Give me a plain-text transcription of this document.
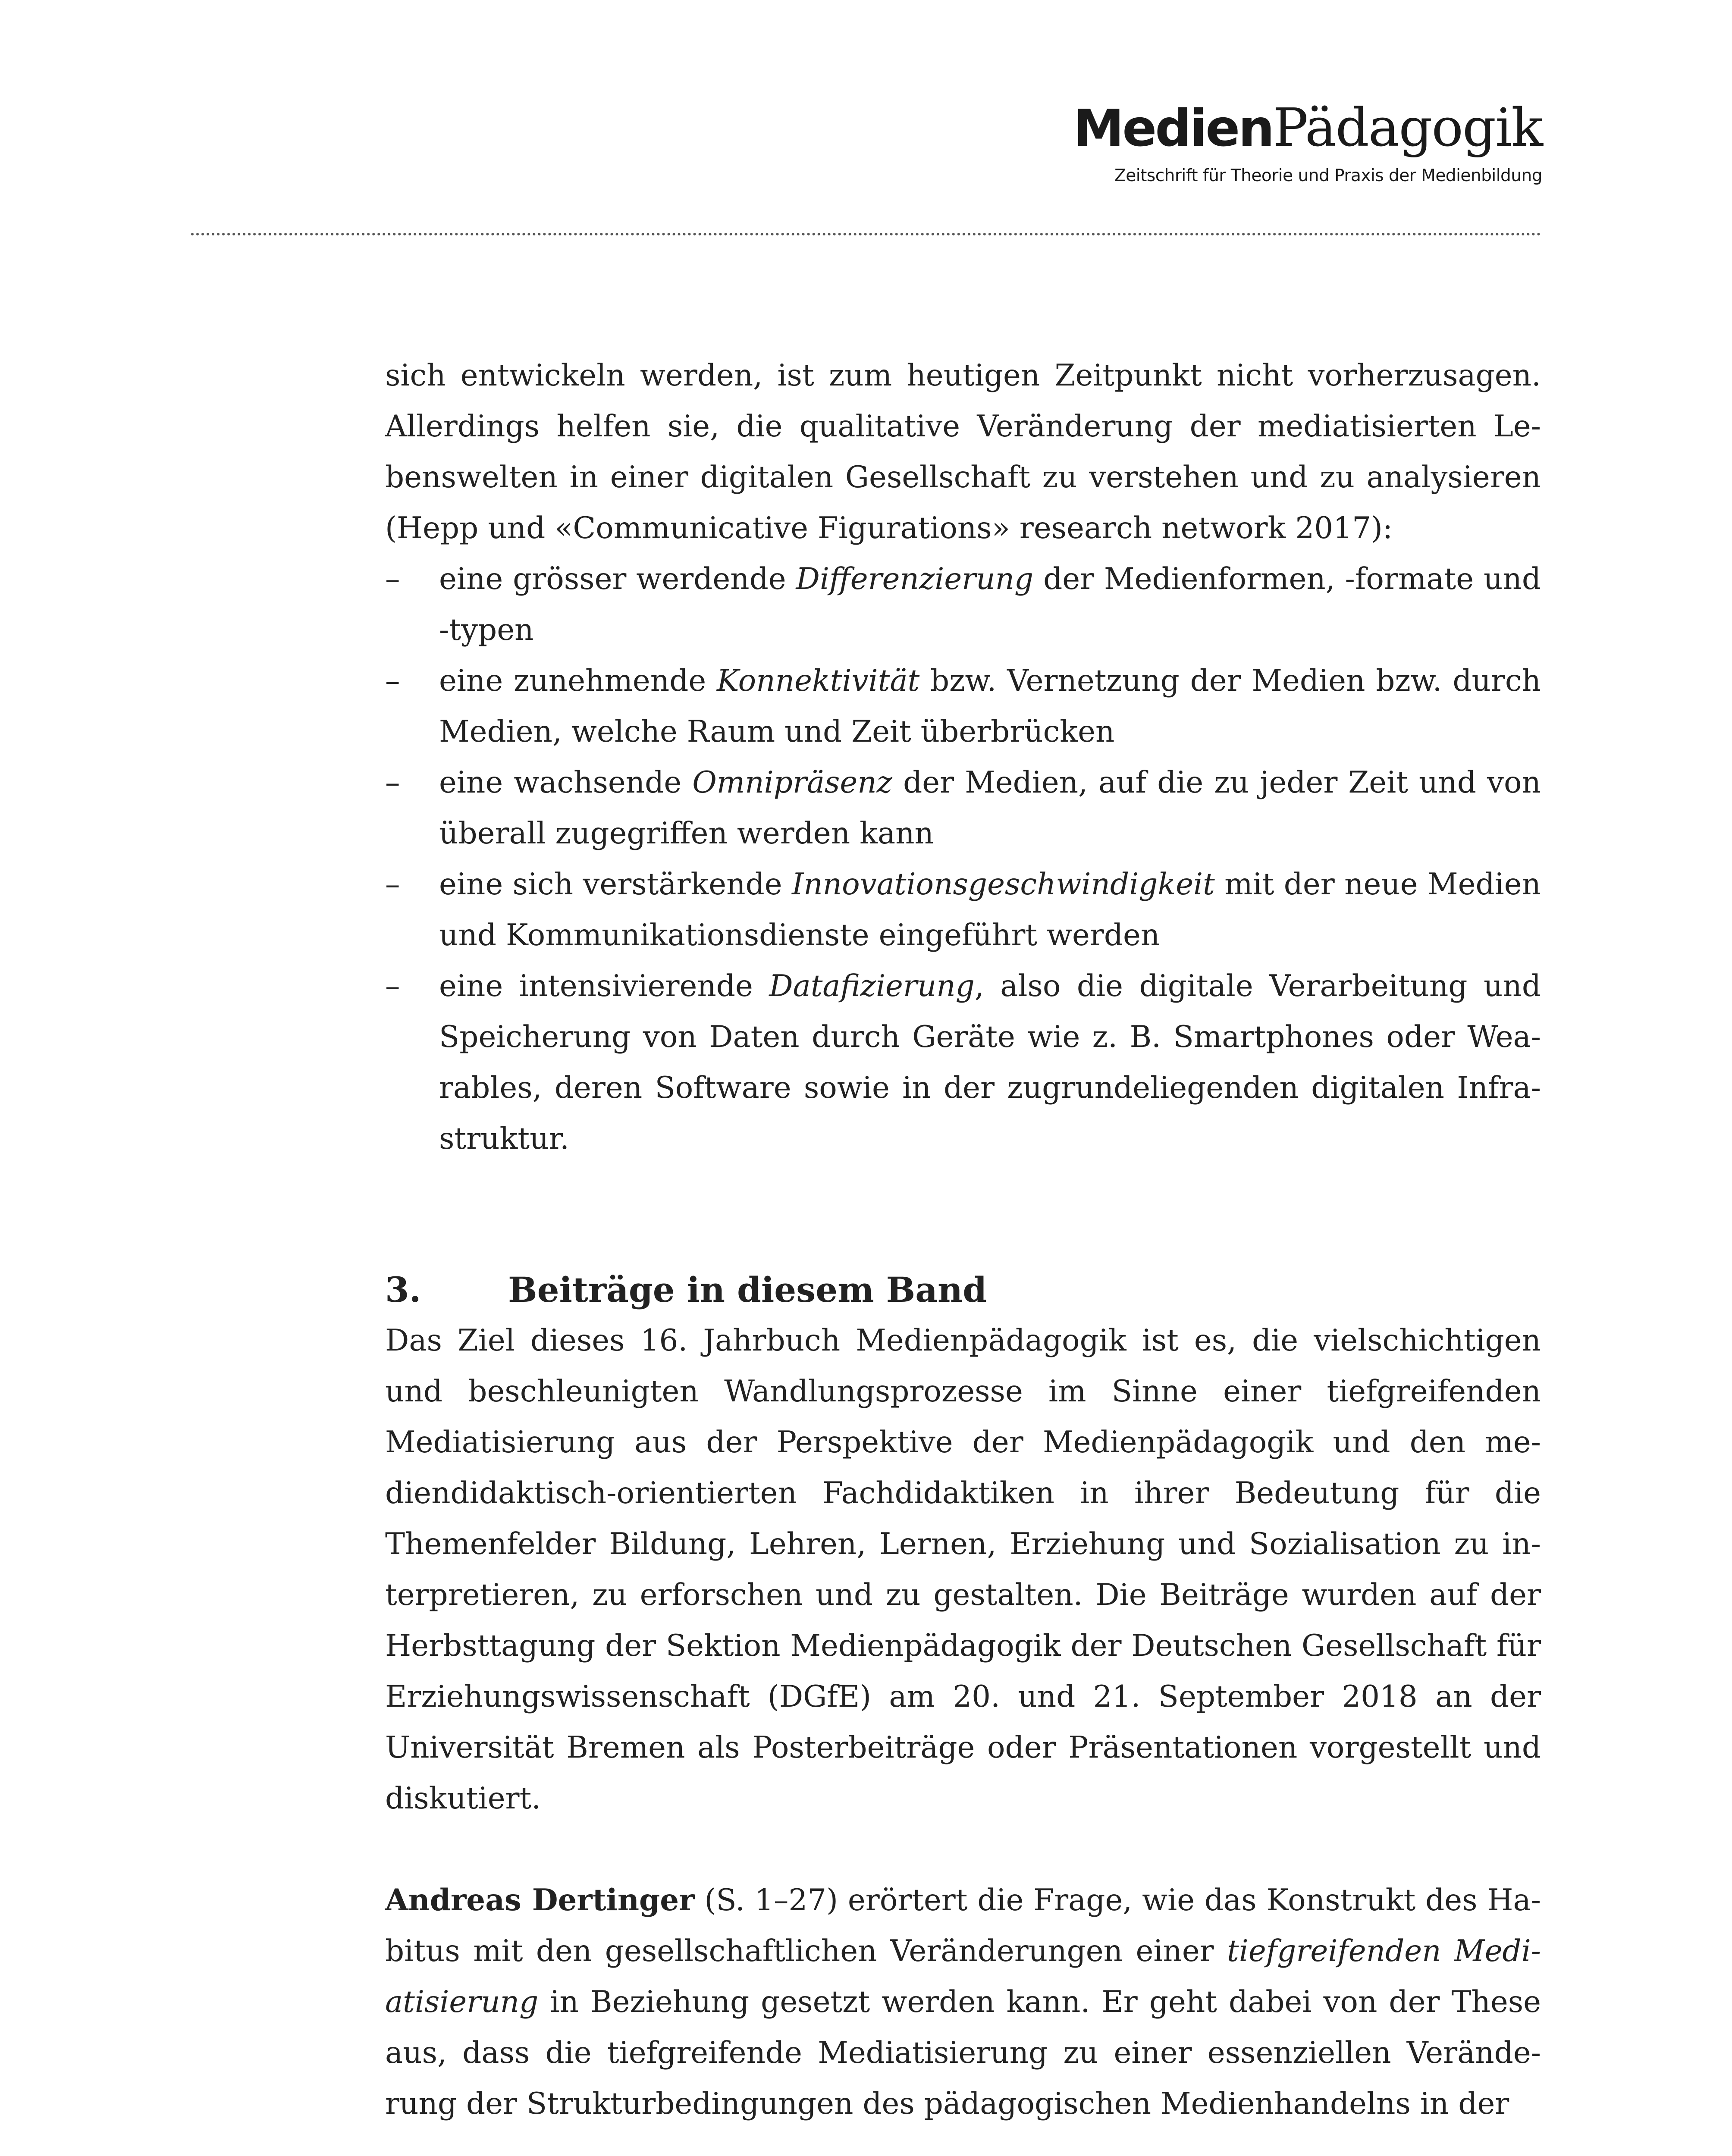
MedienPädagogik
Zeitschrift für Theorie und Praxis der Medienbildung

sich entwickeln werden, ist zum heutigen Zeitpunkt nicht vorherzusagen. Allerdings helfen sie, die qualitative Veränderung der mediatisierten Lebenswelten in einer digitalen Gesellschaft zu verstehen und zu analysieren (Hepp und «Communicative Figurations» research network 2017):

– eine grösser werdende Differenzierung der Medienformen, -formate und -typen
– eine zunehmende Konnektivität bzw. Vernetzung der Medien bzw. durch Medien, welche Raum und Zeit überbrücken
– eine wachsende Omnipräsenz der Medien, auf die zu jeder Zeit und von überall zugegriffen werden kann
– eine sich verstärkende Innovationsgeschwindigkeit mit der neue Medien und Kommunikationsdienste eingeführt werden
– eine intensivierende Datafizierung, also die digitale Verarbeitung und Speicherung von Daten durch Geräte wie z. B. Smartphones oder Wearables, deren Software sowie in der zugrundeliegenden digitalen Infrastruktur.
3.	Beiträge in diesem Band

Das Ziel dieses 16. Jahrbuch Medienpädagogik ist es, die vielschichtigen und beschleunigten Wandlungsprozesse im Sinne einer tiefgreifenden Mediatisierung aus der Perspektive der Medienpädagogik und den mediendidaktisch-orientierten Fachdidaktiken in ihrer Bedeutung für die Themenfelder Bildung, Lehren, Lernen, Erziehung und Sozialisation zu interpretieren, zu erforschen und zu gestalten. Die Beiträge wurden auf der Herbsttagung der Sektion Medienpädagogik der Deutschen Gesellschaft für Erziehungswissenschaft (DGfE) am 20. und 21. September 2018 an der Universität Bremen als Posterbeiträge oder Präsentationen vorgestellt und diskutiert.

Andreas Dertinger (S. 1–27) erörtert die Frage, wie das Konstrukt des Habitus mit den gesellschaftlichen Veränderungen einer tiefgreifenden Mediatisierung in Beziehung gesetzt werden kann. Er geht dabei von der These aus, dass die tiefgreifende Mediatisierung zu einer essenziellen Veränderung der Strukturbedingungen des pädagogischen Medienhandelns in der
